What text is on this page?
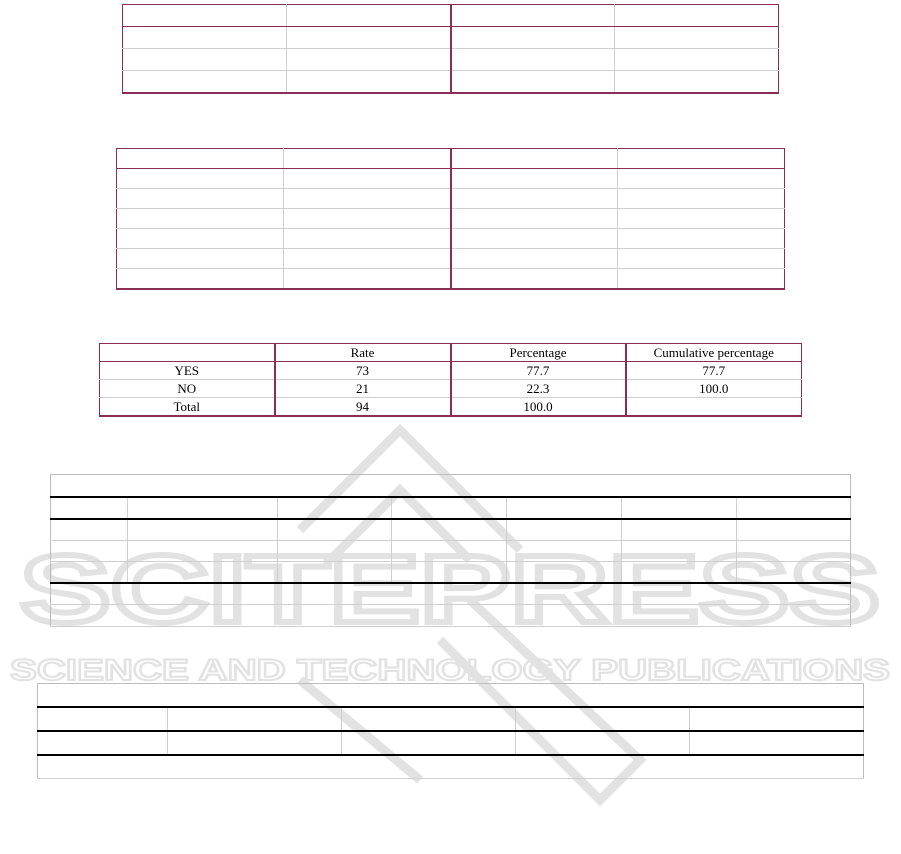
SCITEPRESS
SCIENCE AND TECHNOLOGY PUBLICATIONS

	Rate	Percentage	Cumulative percentage
YES	73	77.7	77.7
NO	21	22.3	100.0
Total	94	100.0	
